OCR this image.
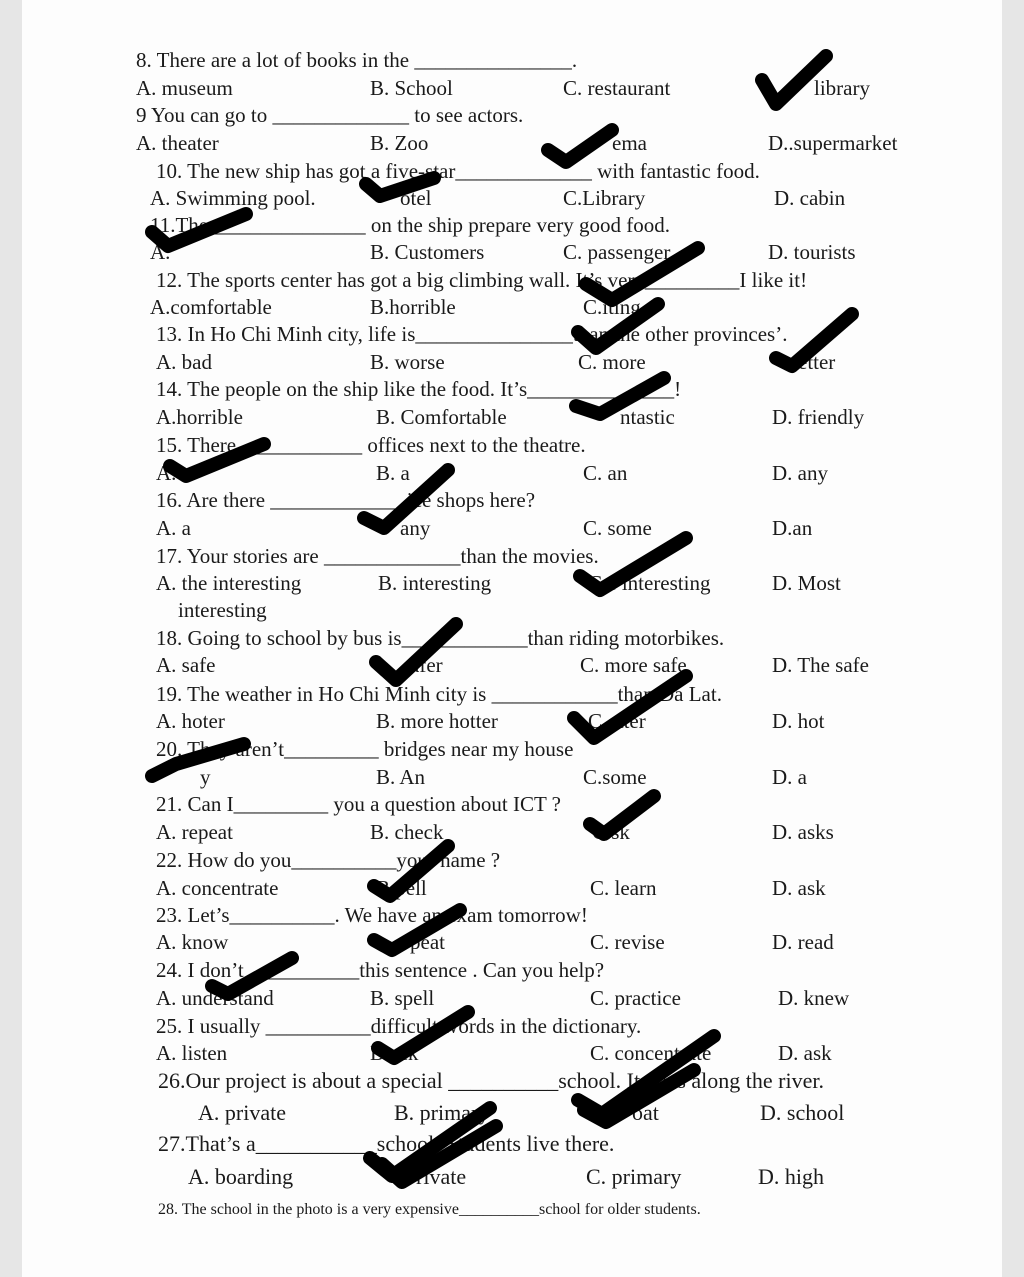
8. There are a lot of books in the _______________.
A. museum	B. School	C. restaurant	library
9 You can go to _____________ to see actors.
A. theater	B. Zoo	ema	D..supermarket
10. The new ship has got a five-star_____________ with fantastic food.
A. Swimming pool.	otel	C.Library	D. cabin
11.The_______________ on the ship prepare very good food.
A.	B. Customers	C. passenger	D. tourists
12. The sports center has got a big climbing wall. It’s very_________I like it!
A.comfortable	B.horrible	C.iting
13. In Ho Chi Minh city, life is_______________than the other provinces’.
A. bad	B. worse	C. more	etter
14. The people on the ship like the food. It’s______________!
A.horrible	B. Comfortable	ntastic	D. friendly
15. There____________ offices next to the theatre.
A.	B. a	C. an	D. any
16. Are there _____________ice shops here?
A. a	any	C. some	D.an
17. Your stories are _____________than the movies.
A. the interesting	B. interesting	C.e interesting	D. Most
interesting
18. Going to school by bus is____________than riding motorbikes.
A. safe	afer	C. more safe	D. The safe
19. The weather in Ho Chi Minh city is ____________than Da Lat.
A. hoter	B. more hotter	C.otter	D. hot
20. They aren’t_________ bridges near my house
y	B. An	C.some	D. a
21. Can I_________ you a question about ICT ?
A. repeat	B. check	C.sk	D. asks
22. How do you__________your name ?
A. concentrate	B.pell	C. learn	D. ask
23. Let’s__________. We have an exam tomorrow!
A. know	peat	C. revise	D. read
24. I don’t___________this sentence . Can you help?
A. understand	B. spell	C. practice	D. knew
25. I usually __________difficult words in the dictionary.
A. listen	B.eck	C. concentrate	D. ask
26.Our project is about a special __________school. It goes along the river.
A. private	B. primary	oat	D. school
27.That’s a___________school. Students live there.
A. boarding	rivate	C. primary	D. high
28. The school in the photo is a very expensive__________school for older students.
